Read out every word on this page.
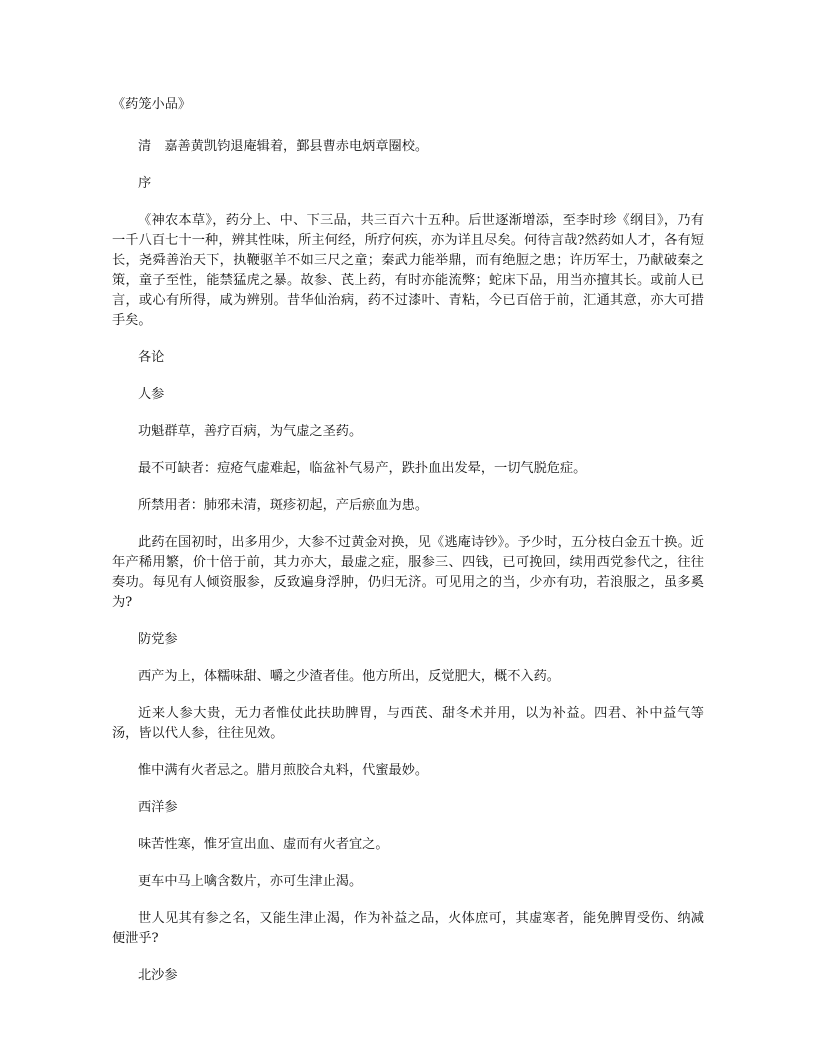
《药笼小品》

清　嘉善黄凯钧退庵辑着，鄞县曹赤电炳章圈校。

序

《神农本草》，药分上、中、下三品，共三百六十五种。后世逐渐增添，至李时珍《纲目》，乃有一千八百七十一种，辨其性味，所主何经，所疗何疾，亦为详且尽矣。何待言哉?然药如人才，各有短长，尧舜善治天下，执鞭驱羊不如三尺之童；秦武力能举鼎，而有绝脰之患；许历军士，乃献破秦之策，童子至性，能禁猛虎之暴。故参、芪上药，有时亦能流弊；蛇床下品，用当亦擅其长。或前人已言，或心有所得，咸为辨别。昔华仙治病，药不过漆叶、青粘，今已百倍于前，汇通其意，亦大可措手矣。

各论

人参

功魁群草，善疗百病，为气虚之圣药。

最不可缺者：痘疮气虚难起，临盆补气易产，跌扑血出发晕，一切气脱危症。

所禁用者：肺邪未清，斑疹初起，产后瘀血为患。

此药在国初时，出多用少，大参不过黄金对换，见《逃庵诗钞》。予少时，五分枝白金五十换。近年产稀用繁，价十倍于前，其力亦大，最虚之症，服参三、四钱，已可挽回，续用西党参代之，往往奏功。每见有人倾资服参，反致遍身浮肿，仍归无济。可见用之的当，少亦有功，若浪服之，虽多奚为?

防党参

西产为上，体糯味甜、嚼之少渣者佳。他方所出，反觉肥大，概不入药。

近来人参大贵，无力者惟仗此扶助脾胃，与西芪、甜冬术并用，以为补益。四君、补中益气等汤，皆以代人参，往往见效。

惟中满有火者忌之。腊月煎胶合丸料，代蜜最妙。

西洋参

味苦性寒，惟牙宣出血、虚而有火者宜之。

更车中马上噙含数片，亦可生津止渴。

世人见其有参之名，又能生津止渴，作为补益之品，火体庶可，其虚寒者，能免脾胃受伤、纳减便泄乎?

北沙参
